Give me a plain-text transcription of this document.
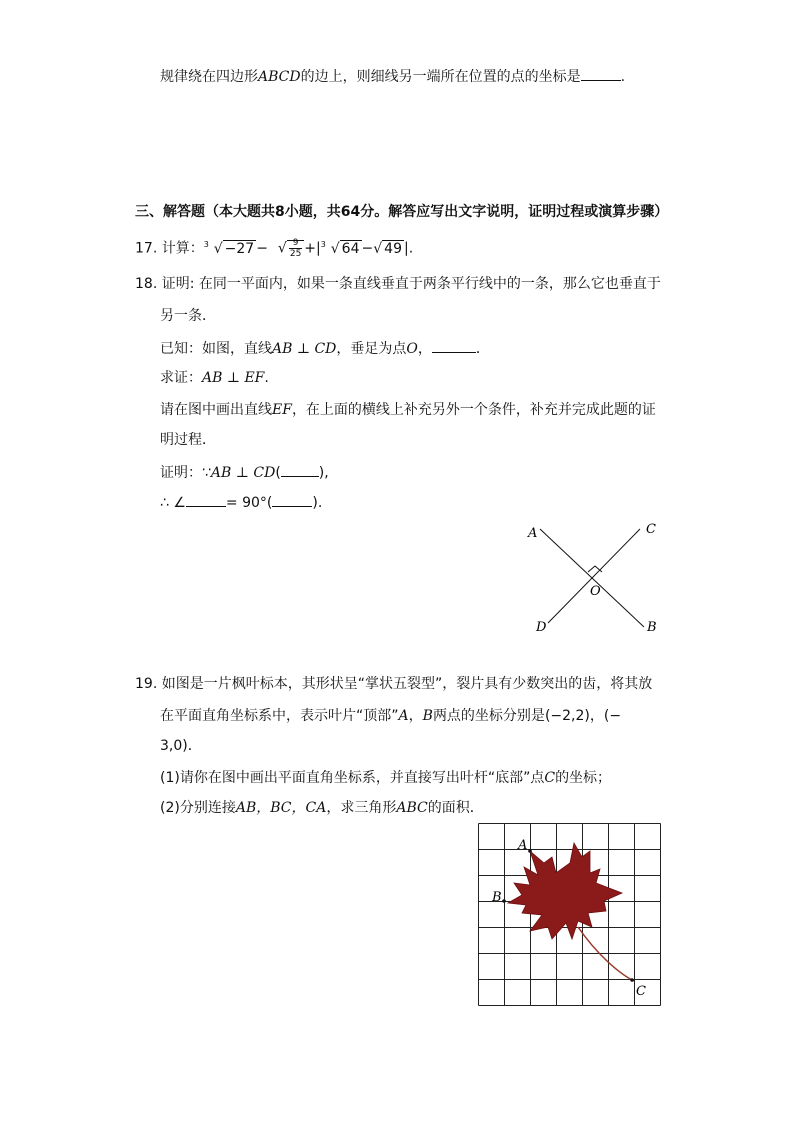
规律绕在四边形ABCD的边上，则细线另一端所在位置的点的坐标是	.
三、解答题（本大题共8小题，共64分。解答应写出文字说明，证明过程或演算步骤）
17. 计算： 3 √ −27 − √ $\frac{9}{25}$ +| 3 √ 64 −√ 49 |.
18. 证明: 在同一平面内，如果一条直线垂直于两条平行线中的一条，那么它也垂直于
另一条．
已知：如图，直线AB ⊥ CD，垂足为点O，	．
求证：AB ⊥ EF.
请在图中画出直线EF，在上面的横线上补充另外一个条件，补充并完成此题的证
明过程．
证明：∵AB ⊥ CD(	),
∴ ∠	= 90°(	).
A	C
O
D	B
19. 如图是一片枫叶标本，其形状呈“掌状五裂型”，裂片具有少数突出的齿，将其放
在平面直角坐标系中，表示叶片“顶部”A，B两点的坐标分别是(−2,2)，(−
3,0)．
(1)请你在图中画出平面直角坐标系，并直接写出叶杆“底部”点C的坐标；
(2)分别连接AB，BC，CA，求三角形ABC的面积．
A
B
C
